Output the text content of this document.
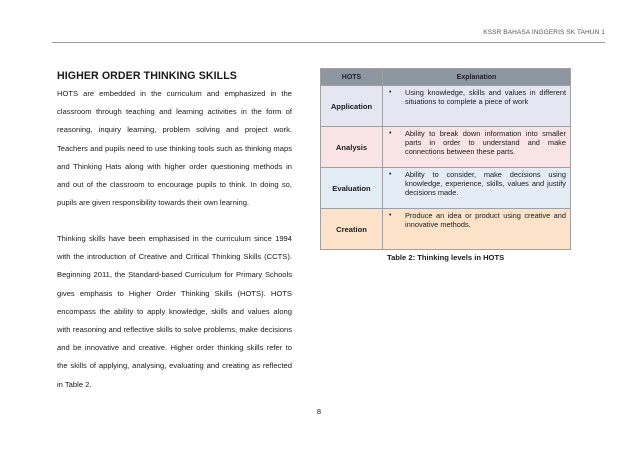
KSSR BAHASA INGGERIS SK TAHUN 1
HIGHER ORDER THINKING SKILLS
HOTS are embedded in the curriculum and emphasized in the classroom through teaching and learning activities in the form of reasoning, inquiry learning, problem solving and project work. Teachers and pupils need to use thinking tools such as thinking maps and Thinking Hats along with higher order questioning methods in and out of the classroom to encourage pupils to think. In doing so, pupils are given responsibility towards their own learning.
Thinking skills have been emphasised in the curriculum since 1994 with the introduction of Creative and Critical Thinking Skills (CCTS). Beginning 2011, the Standard-based Curriculum for Primary Schools gives emphasis to Higher Order Thinking Skills (HOTS). HOTS encompass the ability to apply knowledge, skills and values along with reasoning and reflective skills to solve problems, make decisions and be innovative and creative. Higher order thinking skills refer to the skills of applying, analysing, evaluating and creating as reflected in Table 2.
HOTS	Explanation
Application	• Using knowledge, skills and values in different situations to complete a piece of work

Analysis	• Ability to break down information into smaller parts in order to understand and make connections between these parts.

Evaluation	• Ability to consider, make decisions using knowledge, experience, skills, values and justify decisions made.

Creation	• Produce an idea or product using creative and innovative methods.
Table 2: Thinking levels in HOTS
8
